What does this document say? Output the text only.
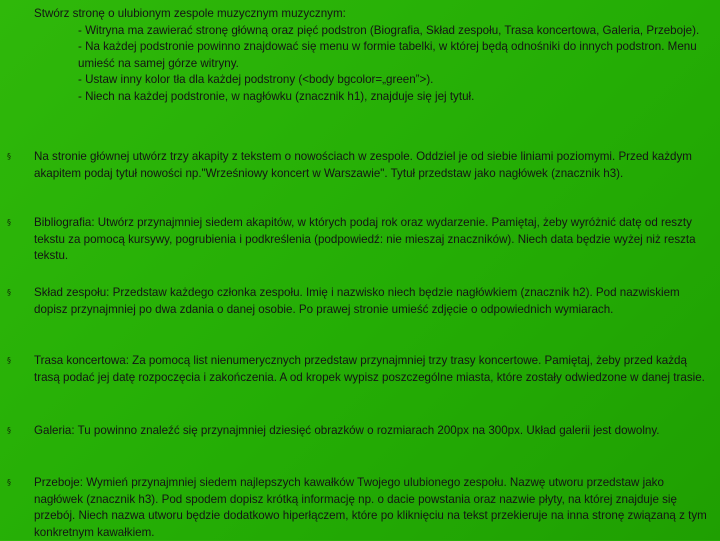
Stwórz stronę o ulubionym zespole muzycznym muzycznym:
- Witryna ma zawierać stronę główną oraz pięć podstron (Biografia, Skład zespołu, Trasa koncertowa, Galeria, Przeboje).
- Na każdej podstronie powinno znajdować się menu w formie tabelki, w której będą odnośniki do innych podstron. Menu umieść na samej górze witryny.
- Ustaw inny kolor tła dla każdej podstrony (<body bgcolor=„green”>).
- Niech na każdej podstronie, w nagłówku (znacznik h1), znajduje się jej tytuł.
§	Na stronie głównej utwórz trzy akapity z tekstem o nowościach w zespole. Oddziel je od siebie liniami poziomymi. Przed każdym akapitem podaj tytuł nowości np."Wrześniowy koncert w Warszawie". Tytuł przedstaw jako nagłówek (znacznik h3).
§	Bibliografia: Utwórz przynajmniej siedem akapitów, w których podaj rok oraz wydarzenie. Pamiętaj, żeby wyróżnić datę od reszty tekstu za pomocą kursywy, pogrubienia i podkreślenia (podpowiedź: nie mieszaj znaczników). Niech data będzie wyżej niż reszta tekstu.
§	Skład zespołu: Przedstaw każdego członka zespołu. Imię i nazwisko niech będzie nagłówkiem (znacznik h2). Pod nazwiskiem dopisz przynajmniej po dwa zdania o danej osobie. Po prawej stronie umieść zdjęcie o odpowiednich wymiarach.
§	Trasa koncertowa: Za pomocą list nienumerycznych przedstaw przynajmniej trzy trasy koncertowe. Pamiętaj, żeby przed każdą trasą podać jej datę rozpoczęcia i zakończenia. A od kropek wypisz poszczególne miasta, które zostały odwiedzone w danej trasie.
§	Galeria: Tu powinno znaleźć się przynajmniej dziesięć obrazków o rozmiarach 200px na 300px. Układ galerii jest dowolny.
§	Przeboje: Wymień przynajmniej siedem najlepszych kawałków Twojego ulubionego zespołu. Nazwę utworu przedstaw jako nagłówek (znacznik h3). Pod spodem dopisz krótką informację np. o dacie powstania oraz nazwie płyty, na której znajduje się przebój. Niech nazwa utworu będzie dodatkowo hiperłączem, które po kliknięciu na tekst przekieruje na inna stronę związaną z tym konkretnym kawałkiem.
